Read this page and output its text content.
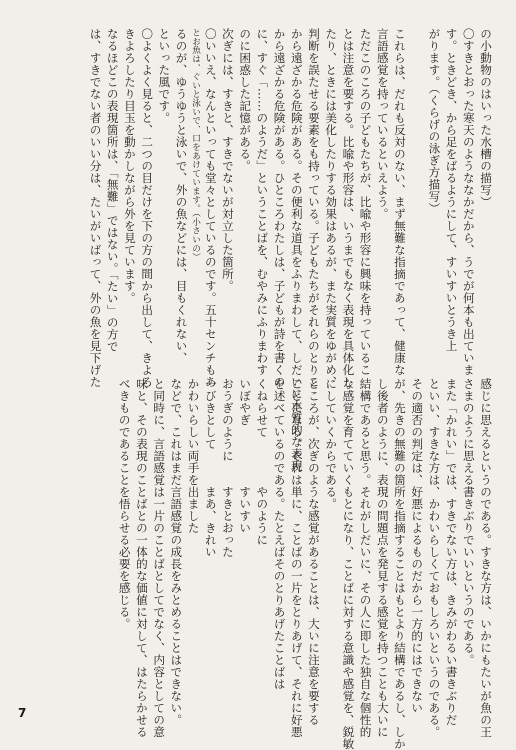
の小動物のはいった水槽の描写）
〇すきとおった寒天のようななかだから、うでが何本も出ていま
す。ときどき、から足をばるようにして、すいすいとうき上
がります。（くらげの泳ぎ方描写）
これらは、だれも反対のない、まず無難な指摘であって、健康な
言語感覚を持っているといえよう。
ただこのころの子どもたちが、比喩や形容に興味を持っているこ
とは注意を要する。比喩や形容は、いうまでもなく表現を具体化し
たり、ときには美化したりする効果はあるが、また実質をゆがめ、
判断を誤たせる要素をも持っている。子どもたちがそれらのとりこ
から遠ざかる危険がある。その便利な道具をふりまわして、しだいに本質的な表現
から遠ざかる危険がある。ひところわたしは、子どもが詩を書くの
に、すぐ「……のようだ」ということばを、むやみにふりまわす
のに困惑した記憶がある。
次ぎには、すきと、すきでないが対立した箇所。
〇いいえ、なんといっても堂々としているのです。五十センチもあ
とお魚は、ぐいと泳いで、口をあけています。（小さいの）
るのが、ゆうゆうと泳いで、外の魚などには、目もくれない、
といった風です。
〇よくよく見ると、二つの目だけを下の方の間から出して、きよろ
きよろしたり目玉を動かしながら外を見ています。
なるほどこの表現箇所は、「無難」ではない。「たい」の方で
は、すきでない者のいい分は、たいがいばって、外の魚を見下げた
感じに思えるというのである。すきな方は、いかにもたいが魚の王
さまのように思える書きぶりでいいというのである。
また「かれい」では、すきでない方は、きみがわるい書きぶりだ
といい、すきな方は、かわいらしくておもしろいというのである。
その適否の判定は、好悪によるものだから一方的にはできない
が、先きの無難の箇所を指摘することはもとより結構であるし、しか
し後者のように、表現の問題点を発見する感覚を持つことも大いに
結構であると思う。それがしだいに、その人に即した独自な個性的
な感覚を育てていくもとになり、ことばに対する意識や感覚を、鋭敏
にしていくからである。
ところが、次ぎのような感覚があることは、大いに注意を要する
ことになる。それは単に、ことばの一片をとりあげて、それに好悪
を述べているのである。たとえばそのとりあげたことばは
くねらせて　　　　やのように
いぼやぎ　　　　　すいすい
おうぎのように　　すきとおった
一びきとして　　　まあ、きれい
かわいらしい両手を出ました
などで、これはまだ言語感覚の成長をみとめることはできない。
と同時に、言語感覚は一片のことばとしてでなく、内容としての意
味と、その表現のことばとの一体的な価値に対して、はたらかせる
べきものであることを悟らせる必要を感じる。
7
